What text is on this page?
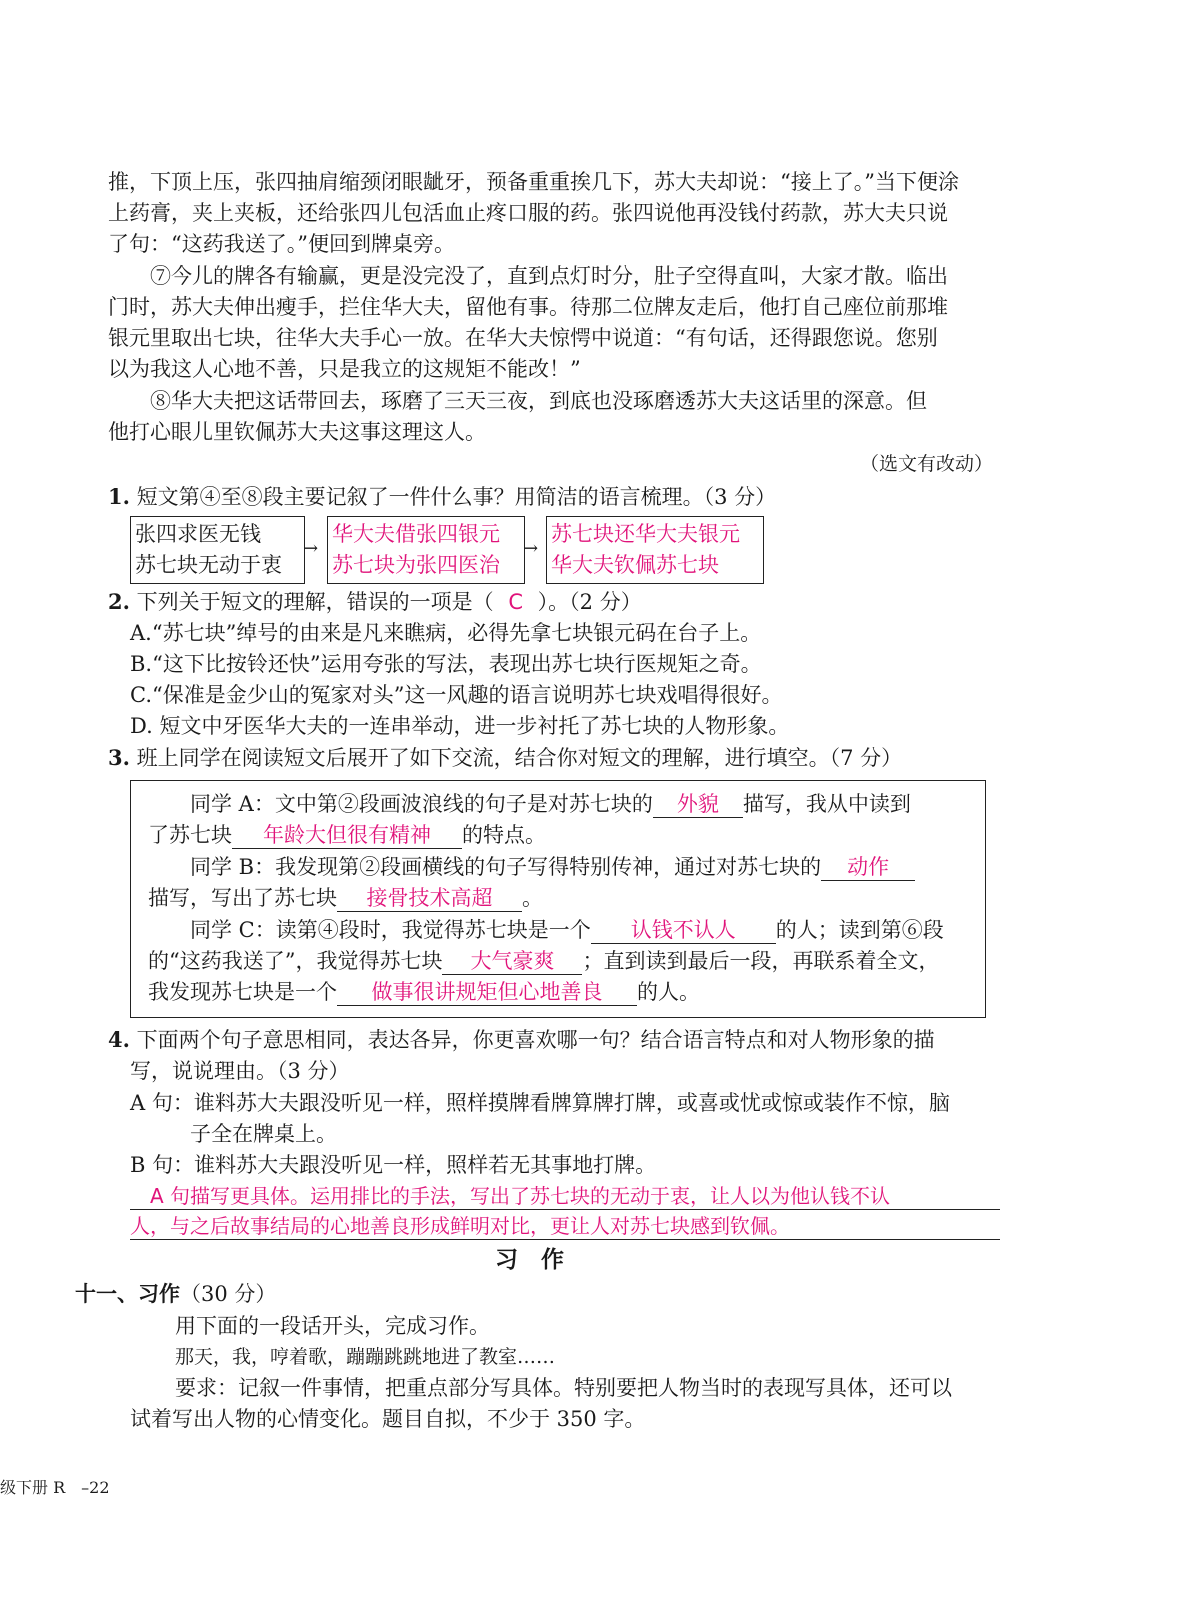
推，下顶上压，张四抽肩缩颈闭眼龇牙，预备重重挨几下，苏大夫却说：“接上了。”当下便涂
上药膏，夹上夹板，还给张四儿包活血止疼口服的药。张四说他再没钱付药款，苏大夫只说
了句：“这药我送了。”便回到牌桌旁。
⑦今儿的牌各有输赢，更是没完没了，直到点灯时分，肚子空得直叫，大家才散。临出
门时，苏大夫伸出瘦手，拦住华大夫，留他有事。待那二位牌友走后，他打自己座位前那堆
银元里取出七块，往华大夫手心一放。在华大夫惊愕中说道：“有句话，还得跟您说。您别
以为我这人心地不善，只是我立的这规矩不能改！”
⑧华大夫把这话带回去，琢磨了三天三夜，到底也没琢磨透苏大夫这话里的深意。但
他打心眼儿里钦佩苏大夫这事这理这人。
（选文有改动）
1. 短文第④至⑧段主要记叙了一件什么事？用简洁的语言梳理。（3 分）
张四求医无钱
苏七块无动于衷
→
华大夫借张四银元
苏七块为张四医治
→
苏七块还华大夫银元
华大夫钦佩苏七块
2. 下列关于短文的理解，错误的一项是（ C ）。（2 分）
A.“苏七块”绰号的由来是凡来瞧病，必得先拿七块银元码在台子上。
B.“这下比按铃还快”运用夸张的写法，表现出苏七块行医规矩之奇。
C.“保准是金少山的冤家对头”这一风趣的语言说明苏七块戏唱得很好。
D. 短文中牙医华大夫的一连串举动，进一步衬托了苏七块的人物形象。
3. 班上同学在阅读短文后展开了如下交流，结合你对短文的理解，进行填空。（7 分）
同学 A：文中第②段画波浪线的句子是对苏七块的 外貌 描写，我从中读到
了苏七块 年龄大但很有精神 的特点。
同学 B：我发现第②段画横线的句子写得特别传神，通过对苏七块的 动作
描写，写出了苏七块 接骨技术高超 。
同学 C：读第④段时，我觉得苏七块是一个 认钱不认人 的人；读到第⑥段
的“这药我送了”，我觉得苏七块 大气豪爽 ；直到读到最后一段，再联系着全文，
我发现苏七块是一个 做事很讲规矩但心地善良 的人。
4. 下面两个句子意思相同，表达各异，你更喜欢哪一句？结合语言特点和对人物形象的描
写，说说理由。（3 分）
A 句：谁料苏大夫跟没听见一样，照样摸牌看牌算牌打牌，或喜或忧或惊或装作不惊，脑
子全在牌桌上。
B 句：谁料苏大夫跟没听见一样，照样若无其事地打牌。
A 句描写更具体。运用排比的手法，写出了苏七块的无动于衷，让人以为他认钱不认
人，与之后故事结局的心地善良形成鲜明对比，更让人对苏七块感到钦佩。
习　作
十一、习作（30 分）
用下面的一段话开头，完成习作。
那天，我，哼着歌，蹦蹦跳跳地进了教室……
要求：记叙一件事情，把重点部分写具体。特别要把人物当时的表现写具体，还可以
试着写出人物的心情变化。题目自拟，不少于 350 字。
级下册 R　–22
